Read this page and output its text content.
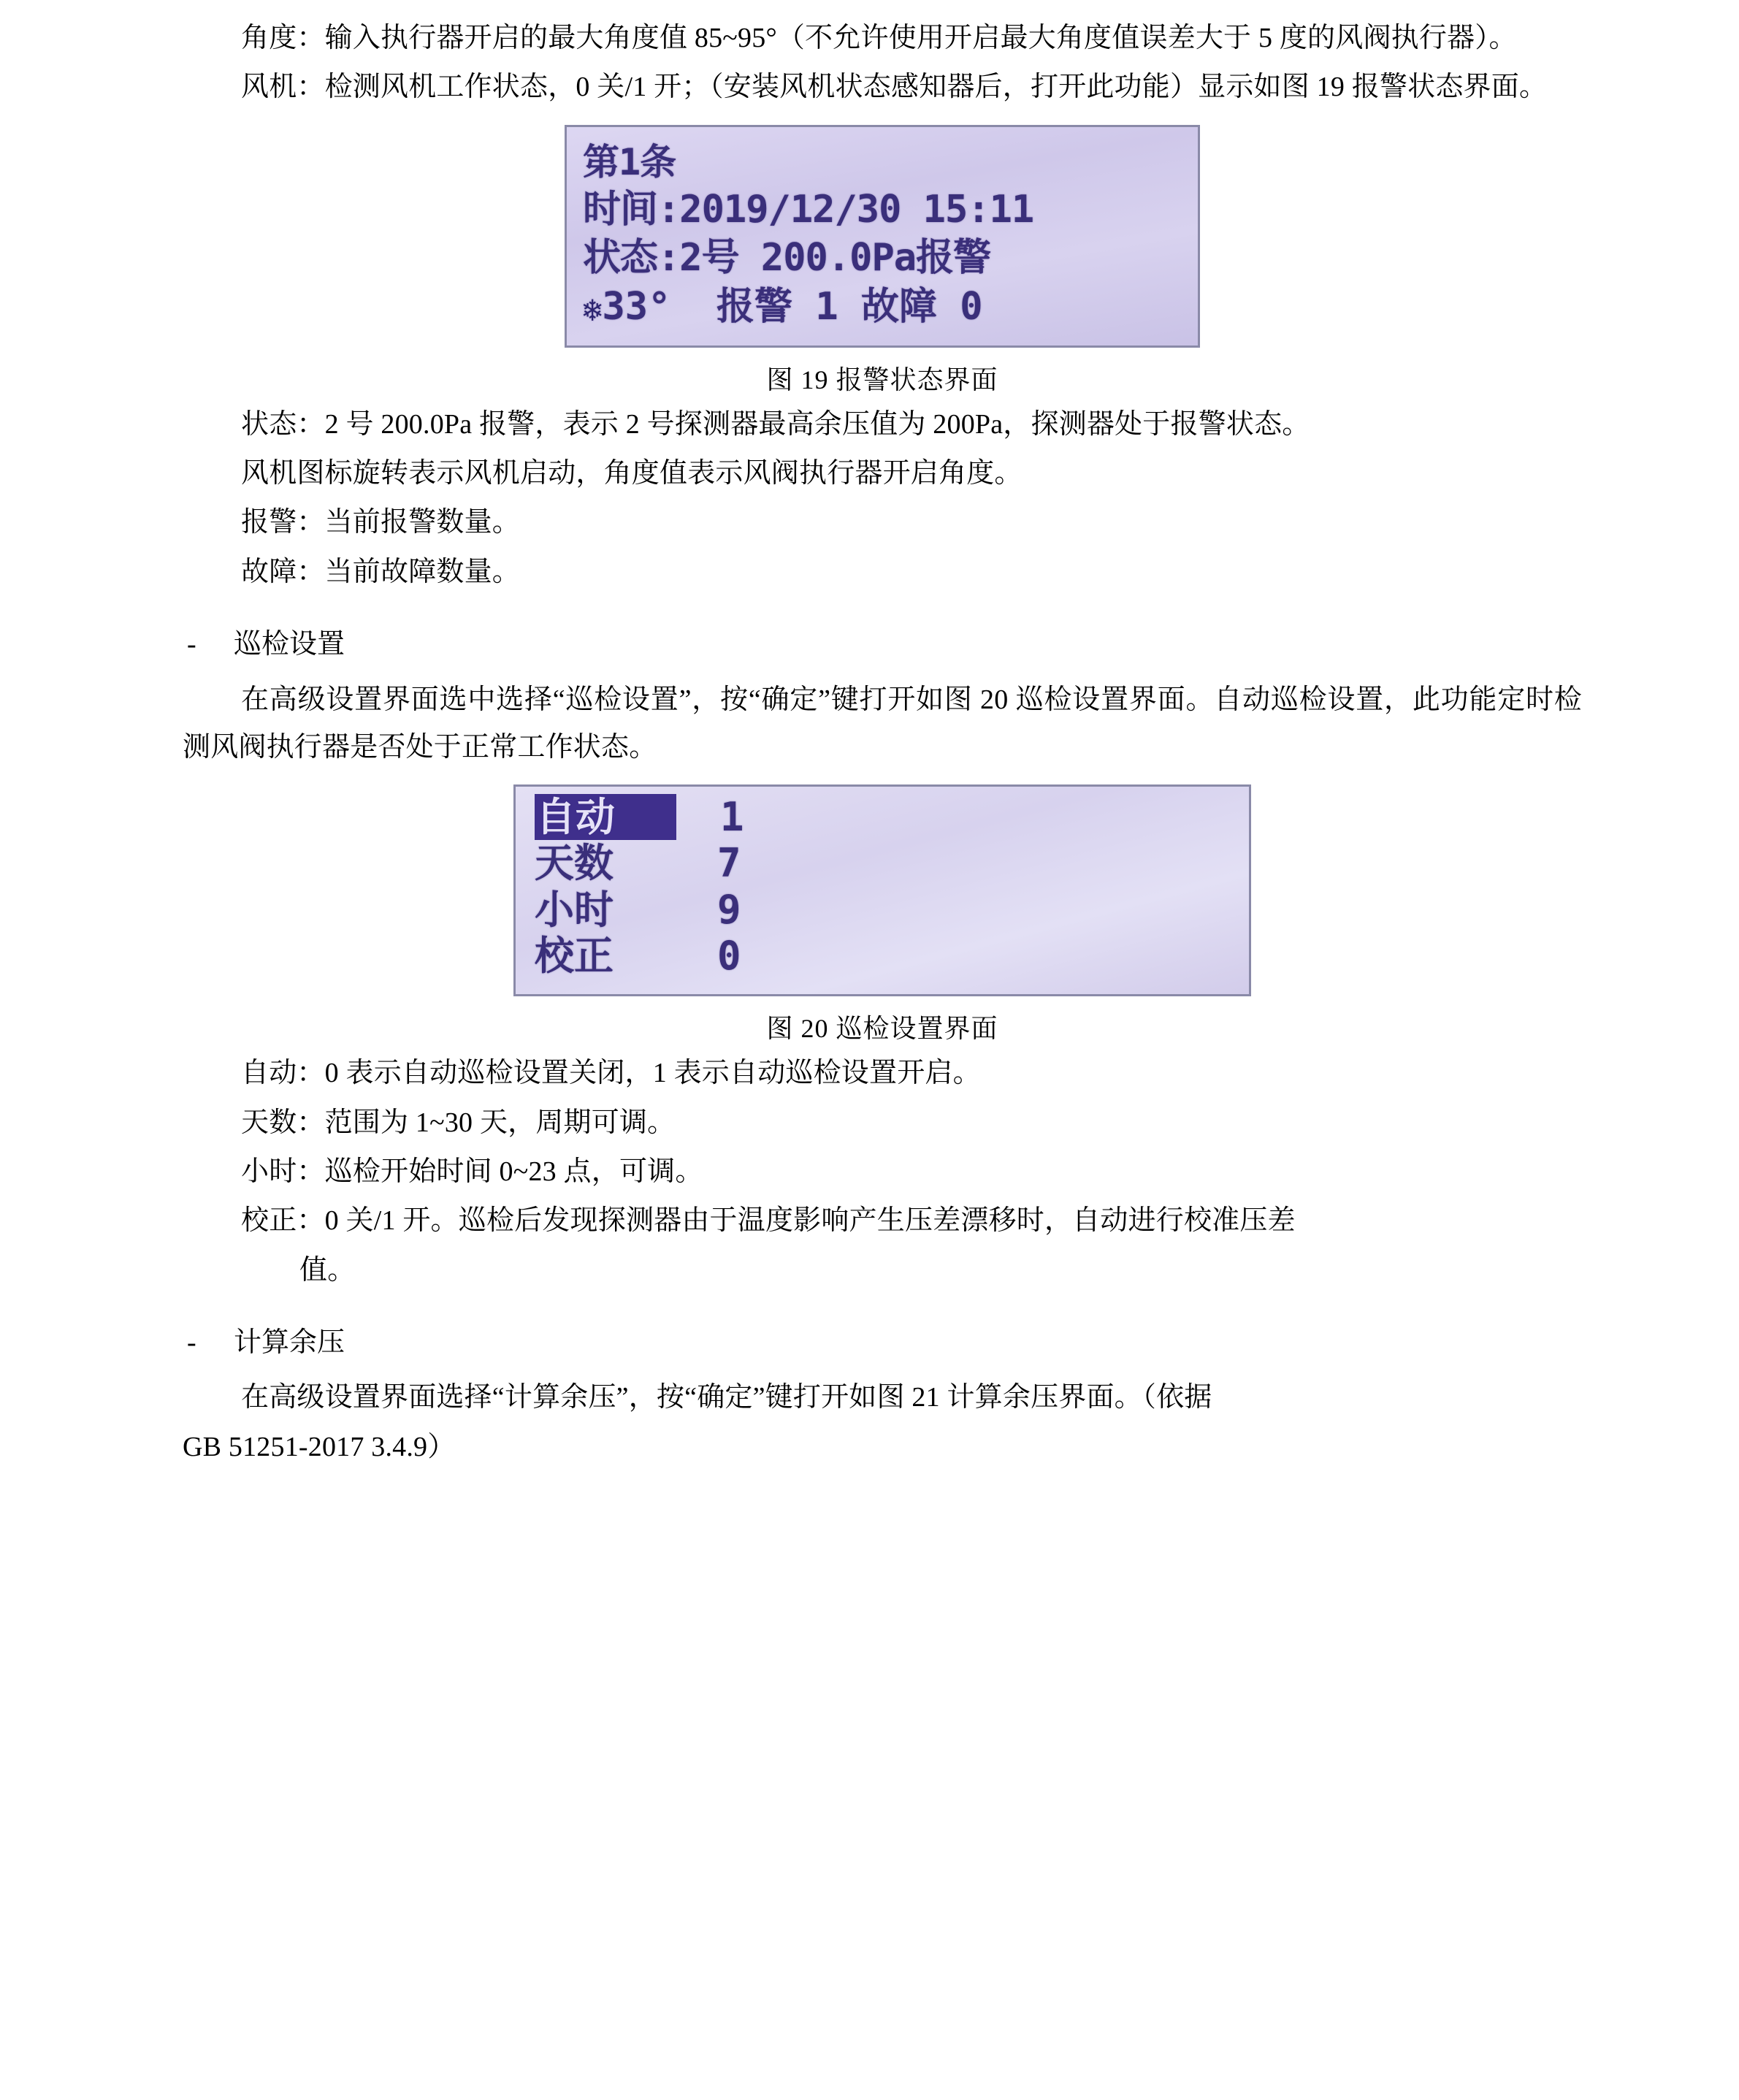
角度：输入执行器开启的最大角度值 85~95°（不允许使用开启最大角度值误差大于 5 度的风阀执行器）。

风机：检测风机工作状态，0 关/1 开；（安装风机状态感知器后，打开此功能）显示如图 19 报警状态界面。

第1条
时间:2019/12/30 15:11
状态:2号 200.0Pa报警
❄33°  报警 1 故障 0
图 19 报警状态界面

状态：2 号 200.0Pa 报警，表示 2 号探测器最高余压值为 200Pa，探测器处于报警状态。

风机图标旋转表示风机启动，角度值表示风阀执行器开启角度。

报警：当前报警数量。

故障：当前故障数量。

-	巡检设置

在高级设置界面选中选择“巡检设置”，按“确定”键打开如图 20 巡检设置界面。自动巡检设置，此功能定时检测风阀执行器是否处于正常工作状态。

自动	1
天数	7
小时	9
校正	0
图 20 巡检设置界面

自动：0 表示自动巡检设置关闭，1 表示自动巡检设置开启。

天数：范围为 1~30 天，周期可调。

小时：巡检开始时间 0~23 点，可调。

校正：0 关/1 开。巡检后发现探测器由于温度影响产生压差漂移时，自动进行校准压差

值。

-	计算余压

在高级设置界面选择“计算余压”，按“确定”键打开如图 21 计算余压界面。（依据

GB 51251-2017 3.4.9）
